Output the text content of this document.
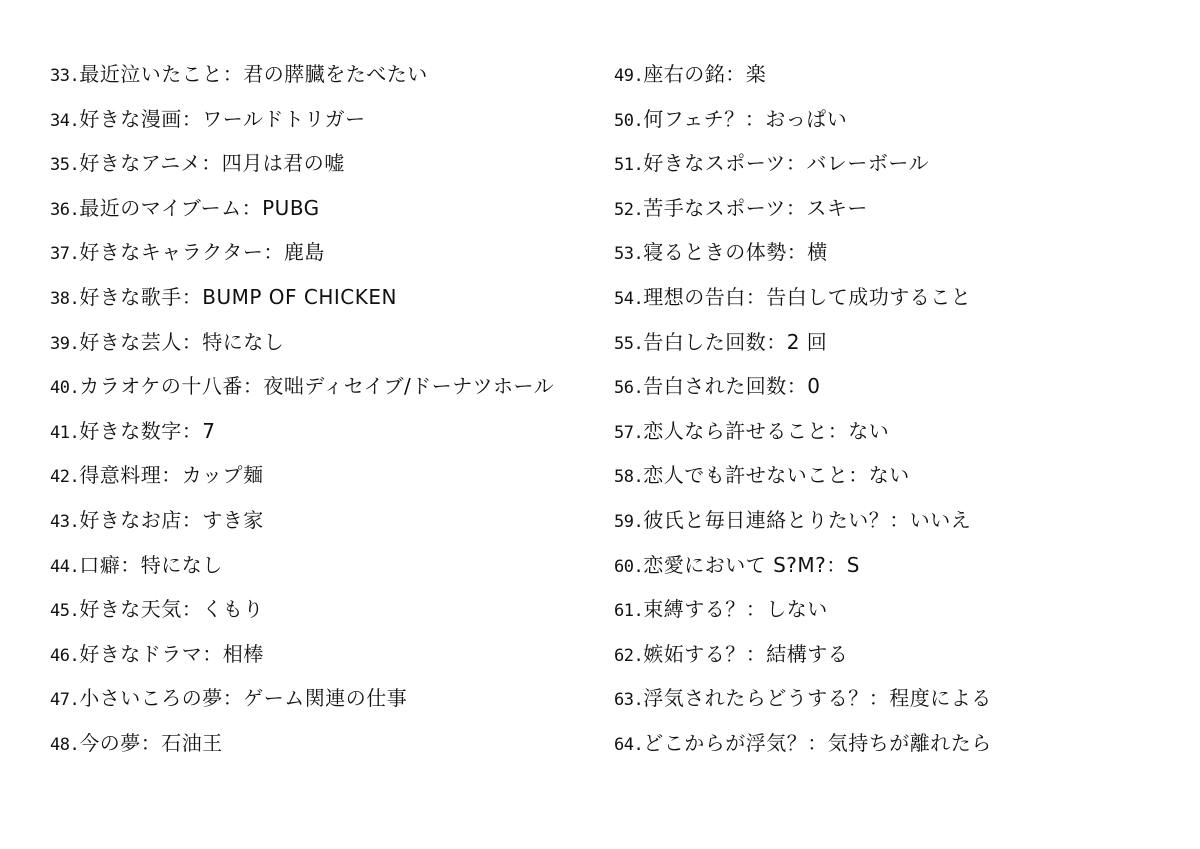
33.最近泣いたこと：君の膵臓をたべたい
34.好きな漫画：ワールドトリガー
35.好きなアニメ：四月は君の嘘
36.最近のマイブーム：PUBG
37.好きなキャラクター：鹿島
38.好きな歌手：BUMP OF CHICKEN
39.好きな芸人：特になし
40.カラオケの十八番：夜咄ディセイブ/ドーナツホール
41.好きな数字：7
42.得意料理：カップ麺
43.好きなお店：すき家
44.口癖：特になし
45.好きな天気：くもり
46.好きなドラマ：相棒
47.小さいころの夢：ゲーム関連の仕事
48.今の夢：石油王
49.座右の銘：楽
50.何フェチ？：おっぱい
51.好きなスポーツ：バレーボール
52.苦手なスポーツ：スキー
53.寝るときの体勢：横
54.理想の告白：告白して成功すること
55.告白した回数：2 回
56.告白された回数：0
57.恋人なら許せること：ない
58.恋人でも許せないこと：ない
59.彼氏と毎日連絡とりたい？：いいえ
60.恋愛において S?M?：S
61.束縛する？：しない
62.嫉妬する？：結構する
63.浮気されたらどうする？：程度による
64.どこからが浮気？：気持ちが離れたら
